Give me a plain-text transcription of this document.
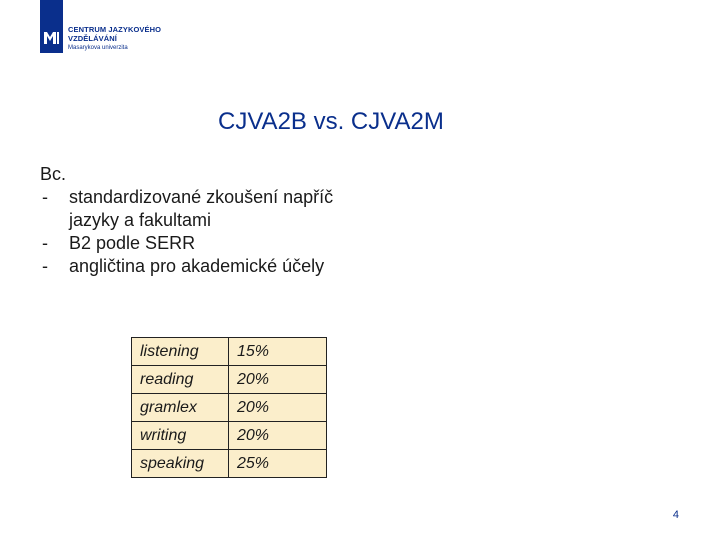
CENTRUM JAZYKOVÉHO
VZDĚLÁVÁNÍ
Masarykova univerzita
CJVA2B vs. CJVA2M
Bc.
-	standardizované zkoušení napříč jazyky a fakultami
-	B2 podle SERR
-	angličtina pro akademické účely
listening	15%
reading	20%
gramlex	20%
writing	20%
speaking	25%
4
